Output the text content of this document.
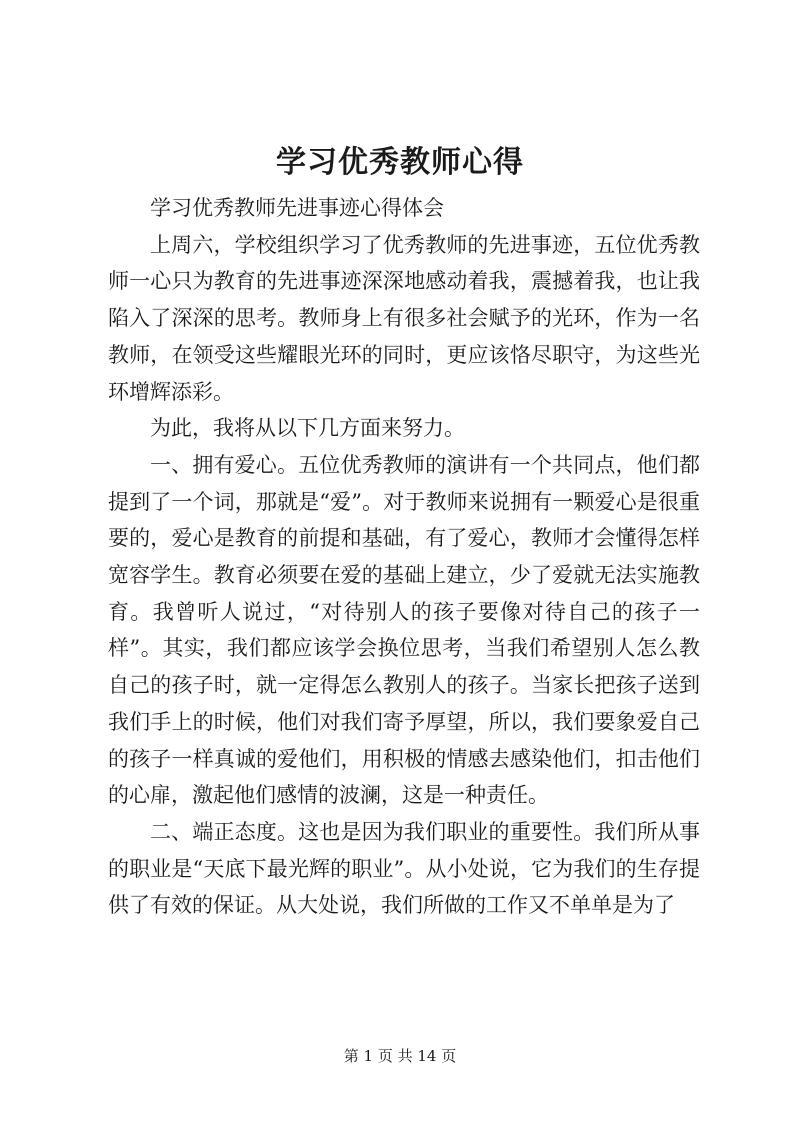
学习优秀教师心得

学习优秀教师先进事迹心得体会

上周六，学校组织学习了优秀教师的先进事迹，五位优秀教师一心只为教育的先进事迹深深地感动着我，震撼着我，也让我陷入了深深的思考。教师身上有很多社会赋予的光环，作为一名教师，在领受这些耀眼光环的同时，更应该恪尽职守，为这些光环增辉添彩。

为此，我将从以下几方面来努力。

一、拥有爱心。五位优秀教师的演讲有一个共同点，他们都提到了一个词，那就是“爱”。对于教师来说拥有一颗爱心是很重要的，爱心是教育的前提和基础，有了爱心，教师才会懂得怎样宽容学生。教育必须要在爱的基础上建立，少了爱就无法实施教育。我曾听人说过，“对待别人的孩子要像对待自己的孩子一样”。其实，我们都应该学会换位思考，当我们希望别人怎么教自己的孩子时，就一定得怎么教别人的孩子。当家长把孩子送到我们手上的时候，他们对我们寄予厚望，所以，我们要象爱自己的孩子一样真诚的爱他们，用积极的情感去感染他们，扣击他们的心扉，激起他们感情的波澜，这是一种责任。

二、端正态度。这也是因为我们职业的重要性。我们所从事的职业是“天底下最光辉的职业”。从小处说，它为我们的生存提供了有效的保证。从大处说，我们所做的工作又不单单是为了

第 1 页 共 14 页
